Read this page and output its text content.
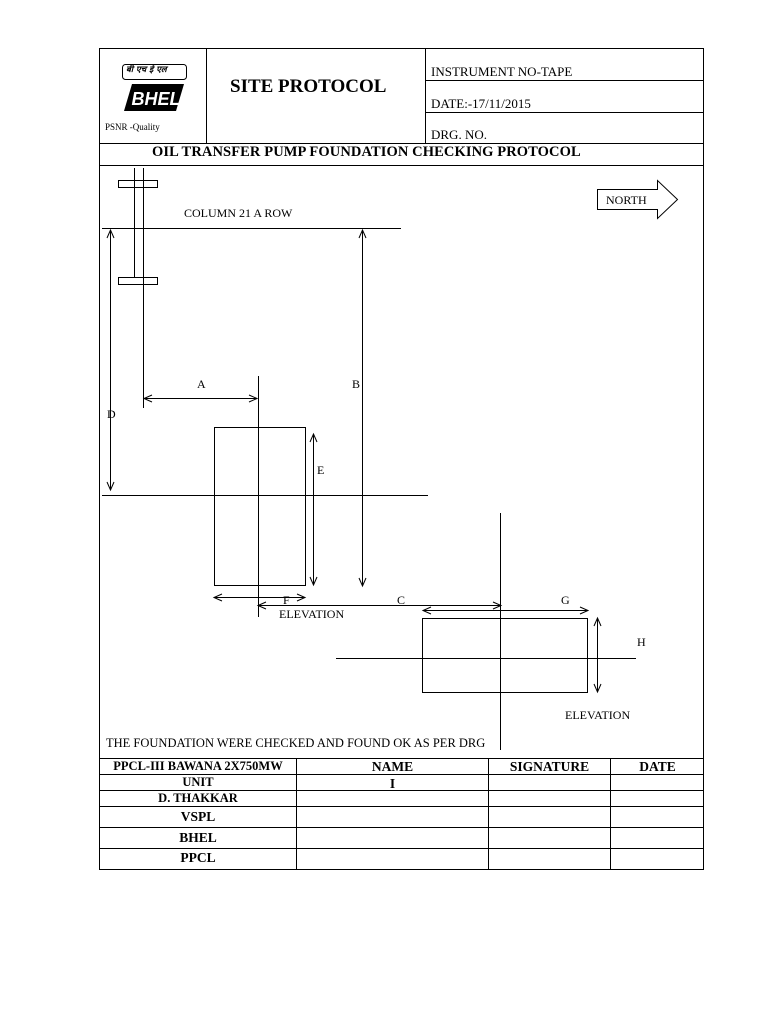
BHEL
बी एच ई एल
PSNR -Quality
SITE PROTOCOL
INSTRUMENT NO-TAPE
DATE:-17/11/2015
DRG. NO.
OIL TRANSFER PUMP FOUNDATION CHECKING PROTOCOL
NORTH
COLUMN 21 A ROW
A	B
D
E
F
ELEVATION
C	G
H
ELEVATION
THE FOUNDATION WERE CHECKED AND FOUND OK AS PER DRG
PPCL-III BAWANA 2X750MW	NAME	SIGNATURE	DATE
UNIT	I
D. THAKKAR
VSPL
BHEL
PPCL
